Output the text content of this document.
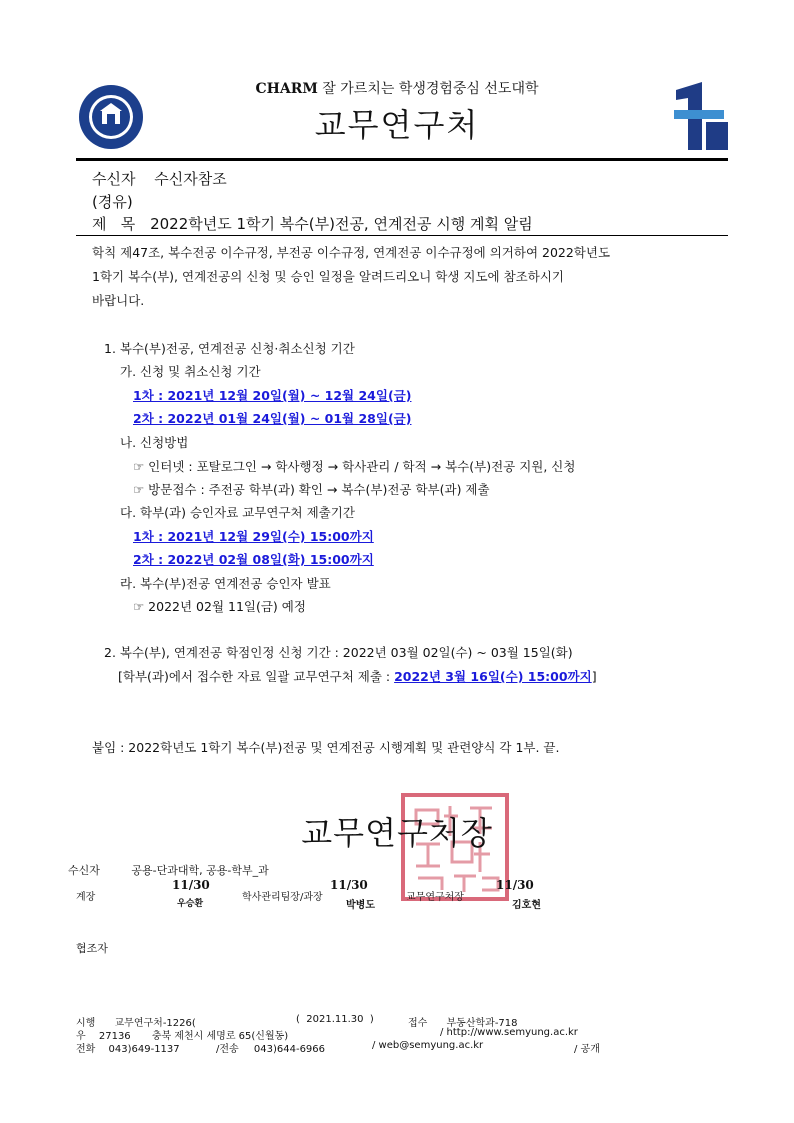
CHARM 잘 가르치는 학생경험중심 선도대학
교무연구처
수신자 수신자참조
(경유)
제   목 2022학년도 1학기 복수(부)전공, 연계전공 시행 계획 알림
학칙 제47조, 복수전공 이수규정, 부전공 이수규정, 연계전공 이수규정에 의거하여 2022학년도
1학기 복수(부), 연계전공의 신청 및 승인 일정을 알려드리오니 학생 지도에 참조하시기
바랍니다.
1. 복수(부)전공, 연계전공 신청·취소신청 기간
가. 신청 및 취소신청 기간
1차 : 2021년 12월 20일(월) ~ 12월 24일(금)
2차 : 2022년 01월 24일(월) ~ 01월 28일(금)
나. 신청방법
☞ 인터넷 : 포탈로그인 → 학사행정 → 학사관리 / 학적 → 복수(부)전공 지원, 신청
☞ 방문접수 : 주전공 학부(과) 확인 → 복수(부)전공 학부(과) 제출
다. 학부(과) 승인자료 교무연구처 제출기간
1차 : 2021년 12월 29일(수) 15:00까지
2차 : 2022년 02월 08일(화) 15:00까지
라. 복수(부)전공 연계전공 승인자 발표
☞ 2022년 02월 11일(금) 예정
2. 복수(부), 연계전공 학점인정 신청 기간 : 2022년 03월 02일(수) ~ 03월 15일(화)
[학부(과)에서 접수한 자료 일괄 교무연구처 제출 : 2022년 3월 16일(수) 15:00까지]
붙임 : 2022학년도 1학기 복수(부)전공 및 연계전공 시행계획 및 관련양식 각 1부. 끝.
교무연구처장
수신자	공용-단과대학, 공용-학부_과
계장
11/30
우승환
학사관리팀장/과장
11/30
박병도
교무연구처장
11/30
김호현
협조자
시행 교무연구처-1226(	(  2021.11.30  )	접수 부동산학과-718
우 27136 충북 제천시 세명로 65(신월동)	/ http://www.semyung.ac.kr
전화 043)649-1137	/전송 043)644-6966	/ web@semyung.ac.kr	/ 공개
